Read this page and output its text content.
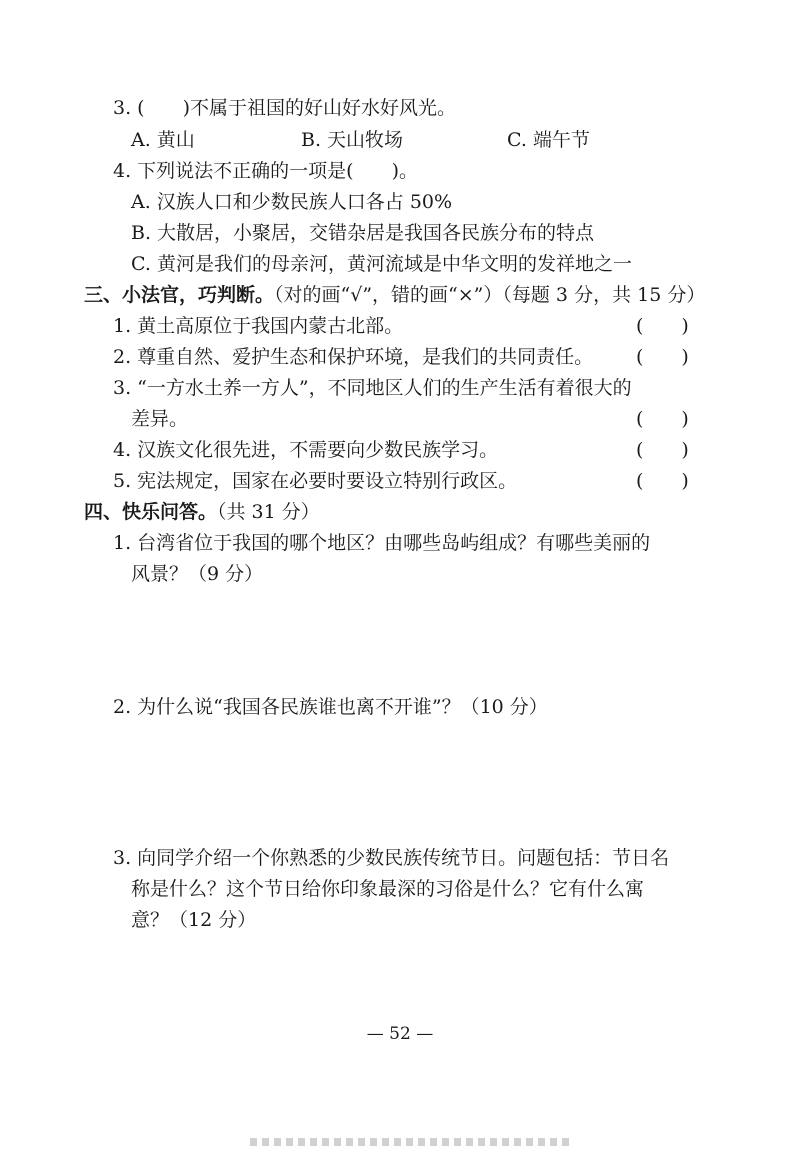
3. (　　)不属于祖国的好山好水好风光。
A. 黄山	B. 天山牧场	C. 端午节
4. 下列说法不正确的一项是(　　)。
A. 汉族人口和少数民族人口各占 50%
B. 大散居，小聚居，交错杂居是我国各民族分布的特点
C. 黄河是我们的母亲河，黄河流域是中华文明的发祥地之一
三、小法官，巧判断。（对的画“√”，错的画“×”）（每题 3 分，共 15 分）
1. 黄土高原位于我国内蒙古北部。	(　　)
2. 尊重自然、爱护生态和保护环境，是我们的共同责任。 (　　)
3. “一方水土养一方人”，不同地区人们的生产生活有着很大的
差异。	(　　)
4. 汉族文化很先进，不需要向少数民族学习。	(　　)
5. 宪法规定，国家在必要时要设立特别行政区。	(　　)
四、快乐问答。（共 31 分）
1. 台湾省位于我国的哪个地区？由哪些岛屿组成？有哪些美丽的
风景？（9 分）
2. 为什么说“我国各民族谁也离不开谁”？（10 分）
3. 向同学介绍一个你熟悉的少数民族传统节日。问题包括：节日名
称是什么？这个节日给你印象最深的习俗是什么？它有什么寓
意？（12 分）
— 52 —
